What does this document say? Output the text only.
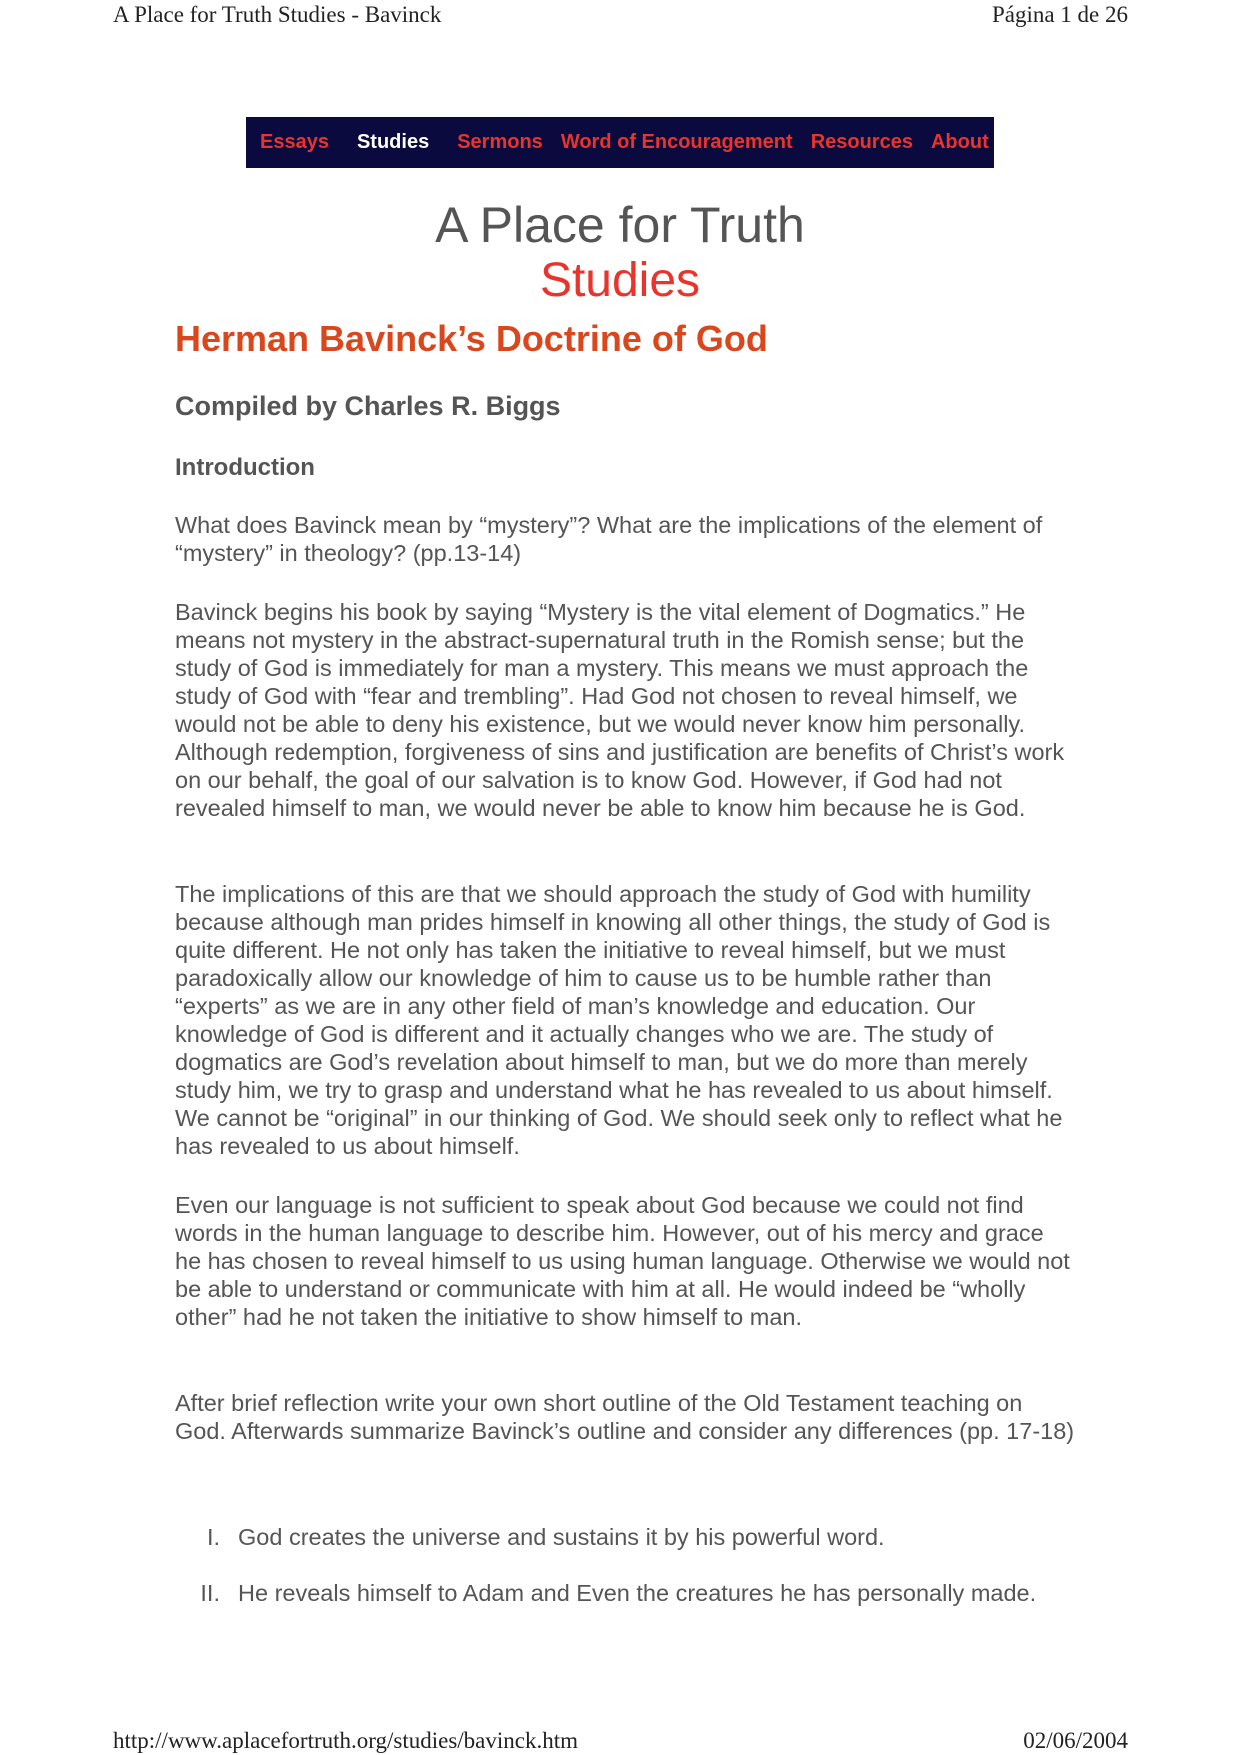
A Place for Truth Studies - Bavinck	Página 1 de 26
Essays Studies Sermons Word of Encouragement Resources About
A Place for Truth
Studies
Herman Bavinck’s Doctrine of God
Compiled by Charles R. Biggs
Introduction

What does Bavinck mean by “mystery”? What are the implications of the element of “mystery” in theology? (pp.13-14)

Bavinck begins his book by saying “Mystery is the vital element of Dogmatics.” He means not mystery in the abstract-supernatural truth in the Romish sense; but the study of God is immediately for man a mystery. This means we must approach the study of God with “fear and trembling”. Had God not chosen to reveal himself, we would not be able to deny his existence, but we would never know him personally. Although redemption, forgiveness of sins and justification are benefits of Christ’s work on our behalf, the goal of our salvation is to know God. However, if God had not revealed himself to man, we would never be able to know him because he is God.

The implications of this are that we should approach the study of God with humility because although man prides himself in knowing all other things, the study of God is quite different. He not only has taken the initiative to reveal himself, but we must paradoxically allow our knowledge of him to cause us to be humble rather than “experts” as we are in any other field of man’s knowledge and education. Our knowledge of God is different and it actually changes who we are. The study of dogmatics are God’s revelation about himself to man, but we do more than merely study him, we try to grasp and understand what he has revealed to us about himself. We cannot be “original” in our thinking of God. We should seek only to reflect what he has revealed to us about himself.

Even our language is not sufficient to speak about God because we could not find words in the human language to describe him. However, out of his mercy and grace he has chosen to reveal himself to us using human language. Otherwise we would not be able to understand or communicate with him at all. He would indeed be “wholly other” had he not taken the initiative to show himself to man.

After brief reflection write your own short outline of the Old Testament teaching on God. Afterwards summarize Bavinck’s outline and consider any differences (pp. 17-18)

I. God creates the universe and sustains it by his powerful word.
II. He reveals himself to Adam and Even the creatures he has personally made.
http://www.aplacefortruth.org/studies/bavinck.htm	02/06/2004
